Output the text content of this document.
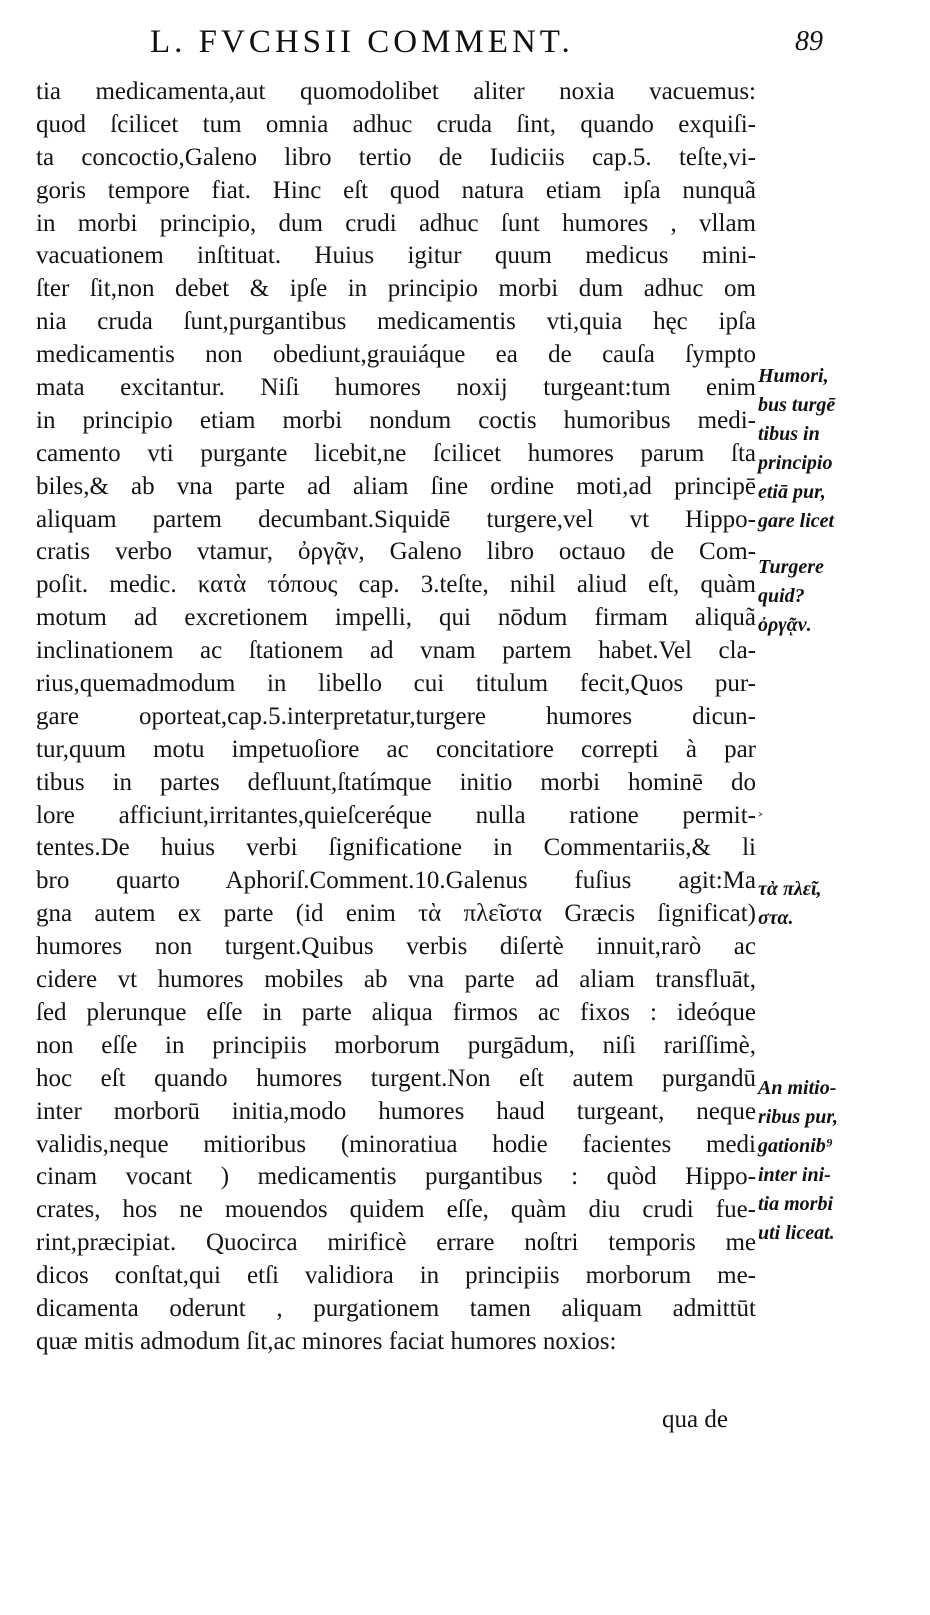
L. FVCHSII COMMENT.	89
tia medicamenta,aut quomodolibet aliter noxia vacuemus:
quod ſcilicet tum omnia adhuc cruda ſint, quando exquiſi-
ta concoctio,Galeno libro tertio de Iudiciis cap.5. teſte,vi-
goris tempore fiat. Hinc eſt quod natura etiam ipſa nunquã
in morbi principio, dum crudi adhuc ſunt humores , vllam
vacuationem inſtituat. Huius igitur quum medicus mini-
ſter ſit,non debet & ipſe in principio morbi dum adhuc om
nia cruda ſunt,purgantibus medicamentis vti,quia hęc ipſa
medicamentis non obediunt,grauiáque ea de cauſa ſympto
mata excitantur. Niſi humores noxij turgeant:tum enim
in principio etiam morbi nondum coctis humoribus medi-
camento vti purgante licebit,ne ſcilicet humores parum ſta
biles,& ab vna parte ad aliam ſine ordine moti,ad principē
aliquam partem decumbant.Siquidē turgere,vel vt Hippo-
cratis verbo vtamur, ὀργᾷν, Galeno libro octauo de Com-
poſit. medic. κατὰ τόπους cap. 3.teſte, nihil aliud eſt, quàm
motum ad excretionem impelli, qui nōdum firmam aliquã
inclinationem ac ſtationem ad vnam partem habet.Vel cla-
rius,quemadmodum in libello cui titulum fecit,Quos pur-
gare oporteat,cap.5.interpretatur,turgere humores dicun-
tur,quum motu impetuoſiore ac concitatiore correpti à par
tibus in partes defluunt,ſtatímque initio morbi hominē do
lore afficiunt,irritantes,quieſceréque nulla ratione permit-
tentes.De huius verbi ſignificatione in Commentariis,& li
bro quarto Aphoriſ.Comment.10.Galenus fuſius agit:Ma
gna autem ex parte (id enim τὰ πλεῖστα Græcis ſignificat)
humores non turgent.Quibus verbis diſertè innuit,rarò ac
cidere vt humores mobiles ab vna parte ad aliam transfluāt,
ſed plerunque eſſe in parte aliqua firmos ac fixos : ideóque
non eſſe in principiis morborum purgādum, niſi rariſſimè,
hoc eſt quando humores turgent.Non eſt autem purgandū
inter morborū initia,modo humores haud turgeant, neque
validis,neque mitioribus (minoratiua hodie facientes medi
cinam vocant ) medicamentis purgantibus : quòd Hippo-
crates, hos ne mouendos quidem eſſe, quàm diu crudi fue-
rint,præcipiat. Quocirca mirificè errare noſtri temporis me
dicos conſtat,qui etſi validiora in principiis morborum me-
dicamenta oderunt , purgationem tamen aliquam admittūt
quæ mitis admodum ſit,ac minores faciat humores noxios:
qua de
˃
Humori,
bus turgē
tibus in
principio
etiā pur,
gare licet
Turgere
quid?
ὀργᾷν.
τὰ πλεῖ,
στα.
An mitio-
ribus pur,
gationib⁹
inter ini-
tia morbi
uti liceat.
